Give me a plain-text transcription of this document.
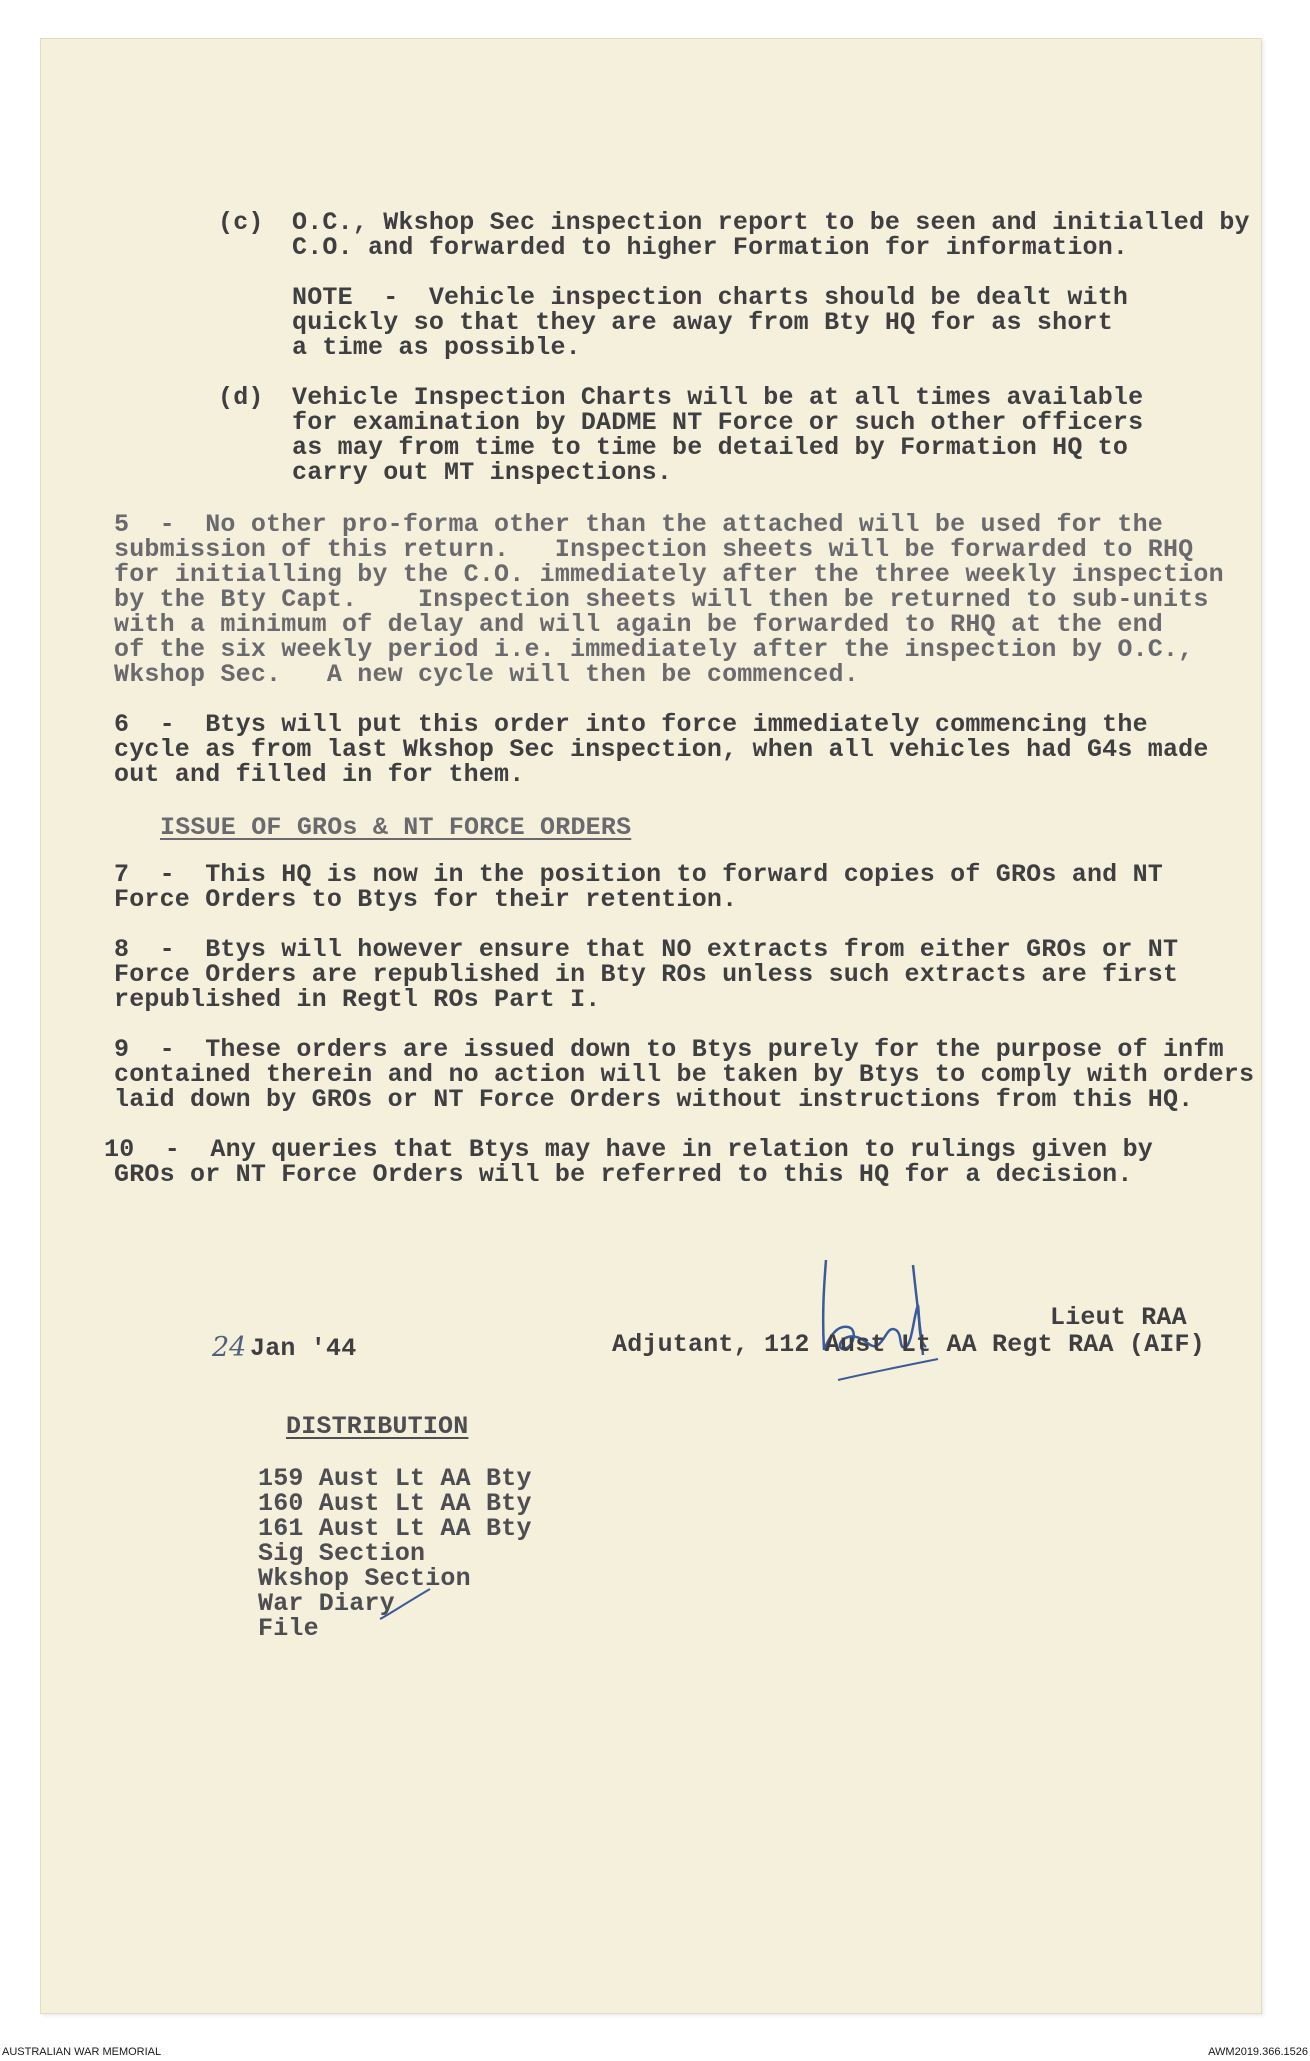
(c) O.C., Wkshop Sec inspection report to be seen and initialled by
C.O. and forwarded to higher Formation for information.
NOTE  -  Vehicle inspection charts should be dealt with
quickly so that they are away from Bty HQ for as short
a time as possible.
(d) Vehicle Inspection Charts will be at all times available
for examination by DADME NT Force or such other officers
as may from time to time be detailed by Formation HQ to
carry out MT inspections.
5  -  No other pro-forma other than the attached will be used for the
submission of this return.   Inspection sheets will be forwarded to RHQ
for initialling by the C.O. immediately after the three weekly inspection
by the Bty Capt.    Inspection sheets will then be returned to sub-units
with a minimum of delay and will again be forwarded to RHQ at the end
of the six weekly period i.e. immediately after the inspection by O.C.,
Wkshop Sec.   A new cycle will then be commenced.
6  -  Btys will put this order into force immediately commencing the
cycle as from last Wkshop Sec inspection, when all vehicles had G4s made
out and filled in for them.
ISSUE OF GROs & NT FORCE ORDERS
7  -  This HQ is now in the position to forward copies of GROs and NT
Force Orders to Btys for their retention.
8  -  Btys will however ensure that NO extracts from either GROs or NT
Force Orders are republished in Bty ROs unless such extracts are first
republished in Regtl ROs Part I.
9  -  These orders are issued down to Btys purely for the purpose of infm
contained therein and no action will be taken by Btys to comply with orders
laid down by GROs or NT Force Orders without instructions from this HQ.
10  -  Any queries that Btys may have in relation to rulings given by
GROs or NT Force Orders will be referred to this HQ for a decision.
Lieut RAA
Adjutant, 112 Aust Lt AA Regt RAA (AIF)
24 Jan '44
DISTRIBUTION
159 Aust Lt AA Bty
160 Aust Lt AA Bty
161 Aust Lt AA Bty
Sig Section
Wkshop Section
War Diary
File
AUSTRALIAN WAR MEMORIAL	AWM2019.366.1526
